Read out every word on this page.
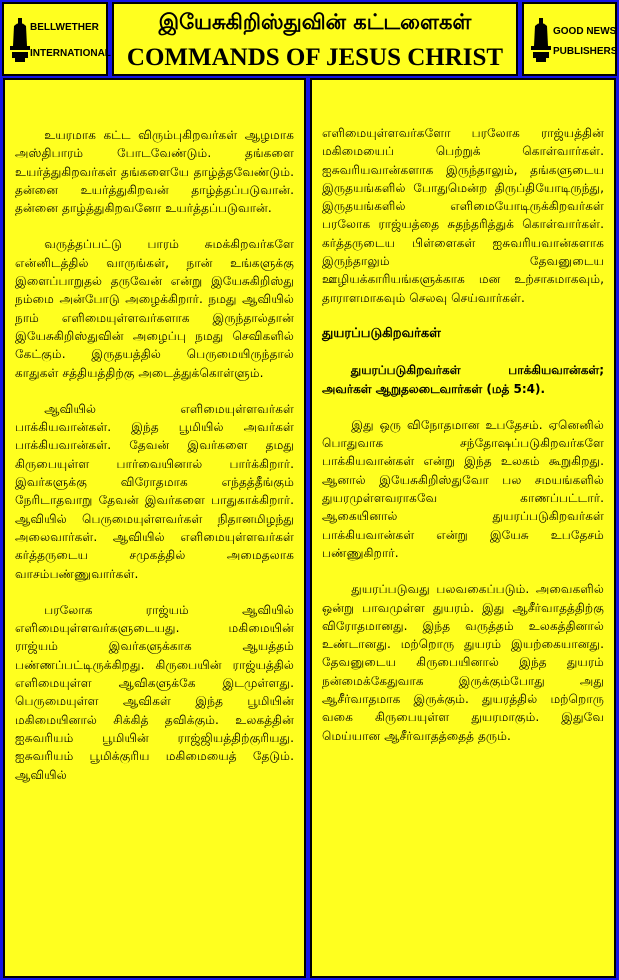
BELLWETHER
INTERNATIONAL
இயேசுகிறிஸ்துவின் கட்டளைகள்
COMMANDS OF JESUS CHRIST
GOOD NEWS
PUBLISHERS

உயரமாக கட்ட விரும்புகிறவர்கள் ஆழமாக அஸ்திபாரம் போடவேண்டும். தங்களை உயர்த்துகிறவர்கள் தங்களையே தாழ்த்தவேண்டும். தன்னை உயர்த்துகிறவன் தாழ்த்தப்படுவான். தன்னை தாழ்த்துகிறவனோ உயர்த்தப்படுவான்.

வருத்தப்பட்டு பாரம் சுமக்கிறவர்களே என்னிடத்தில் வாருங்கள், நான் உங்களுக்கு இளைப்பாறுதல் தருவேன் என்று இயேசுகிறிஸ்து நம்மை அன்போடு அழைக்கிறார். நமது ஆவியில் நாம் எளிமையுள்ளவர்களாக இருந்தால்தான் இயேசுகிறிஸ்துவின் அழைப்பு நமது செவிகளில் கேட்கும். இருதயத்தில் பெருமையிருந்தால் காதுகள் சத்தியத்திற்கு அடைத்துக்கொள்ளும்.

ஆவியில் எளிமையுள்ளவர்கள் பாக்கியவான்கள். இந்த பூமியில் அவர்கள் பாக்கியவான்கள். தேவன் இவர்களை தமது கிருபையுள்ள பார்வையினால் பார்க்கிறார். இவர்களுக்கு விரோதமாக எந்தத்தீங்கும் நேரிடாதவாறு தேவன் இவர்களை பாதுகாக்கிறார். ஆவியில் பெருமையுள்ளவர்கள் நிதானமிழந்து அலைவார்கள். ஆவியில் எளிமையுள்ளவர்கள் கர்த்தருடைய சமுகத்தில் அமைதலாக வாசம்பண்ணுவார்கள்.

பரலோக ராஜ்யம் ஆவியில் எளிமையுள்ளவர்களுடையது. மகிமையின் ராஜ்யம் இவர்களுக்காக ஆயத்தம் பண்ணப்பட்டிருக்கிறது. கிருபையின் ராஜ்யத்தில் எளிமையுள்ள ஆவிகளுக்கே இடமுள்ளது. பெருமையுள்ள ஆவிகள் இந்த பூமியின் மகிமையினால் சிக்கித் தவிக்கும். உலகத்தின் ஐசுவரியம் பூமியின் ராஜ்ஜியத்திற்குரியது. ஐசுவரியம் பூமிக்குரிய மகிமையைத் தேடும். ஆவியில்

எளிமையுள்ளவர்களோ பரலோக ராஜ்யத்தின் மகிமையைப் பெற்றுக் கொள்வார்கள். ஐசுவரியவான்களாக இருந்தாலும், தங்களுடைய இருதயங்களில் போதுமென்ற திருப்தியோடிருந்து, இருதயங்களில் எளிமையோடிருக்கிறவர்கள் பரலோக ராஜ்யத்தை சுதந்தரித்துக் கொள்வார்கள். கர்த்தருடைய பிள்ளைகள் ஐசுவரியவான்களாக இருந்தாலும் தேவனுடைய ஊழியக்காரியங்களுக்காக மன உற்சாகமாகவும், தாராளமாகவும் செலவு செய்வார்கள்.

துயரப்படுகிறவர்கள்

துயரப்படுகிறவர்கள் பாக்கியவான்கள்; அவர்கள் ஆறுதலடைவார்கள் (மத் 5:4).

இது ஒரு விநோதமான உபதேசம். ஏனெனில் பொதுவாக சந்தோஷப்படுகிறவர்களே பாக்கியவான்கள் என்று இந்த உலகம் கூறுகிறது. ஆனால் இயேசுகிறிஸ்துவோ பல சமயங்களில் துயரமுள்ளவராகவே காணப்பட்டார். ஆகையினால் துயரப்படுகிறவர்கள் பாக்கியவான்கள் என்று இயேசு உபதேசம் பண்ணுகிறார்.

துயரப்படுவது பலவகைப்படும். அவைகளில் ஒன்று பாவமுள்ள துயரம். இது ஆசீர்வாதத்திற்கு விரோதமானது. இந்த வருத்தம் உலகத்தினால் உண்டானது. மற்றொரு துயரம் இயற்கையானது. தேவனுடைய கிருபையினால் இந்த துயரம் நன்மைக்கேதுவாக இருக்கும்போது அது ஆசீர்வாதமாக இருக்கும். துயரத்தில் மற்றொரு வகை கிருபையுள்ள துயரமாகும். இதுவே மெய்யான ஆசீர்வாதத்தைத் தரும்.
